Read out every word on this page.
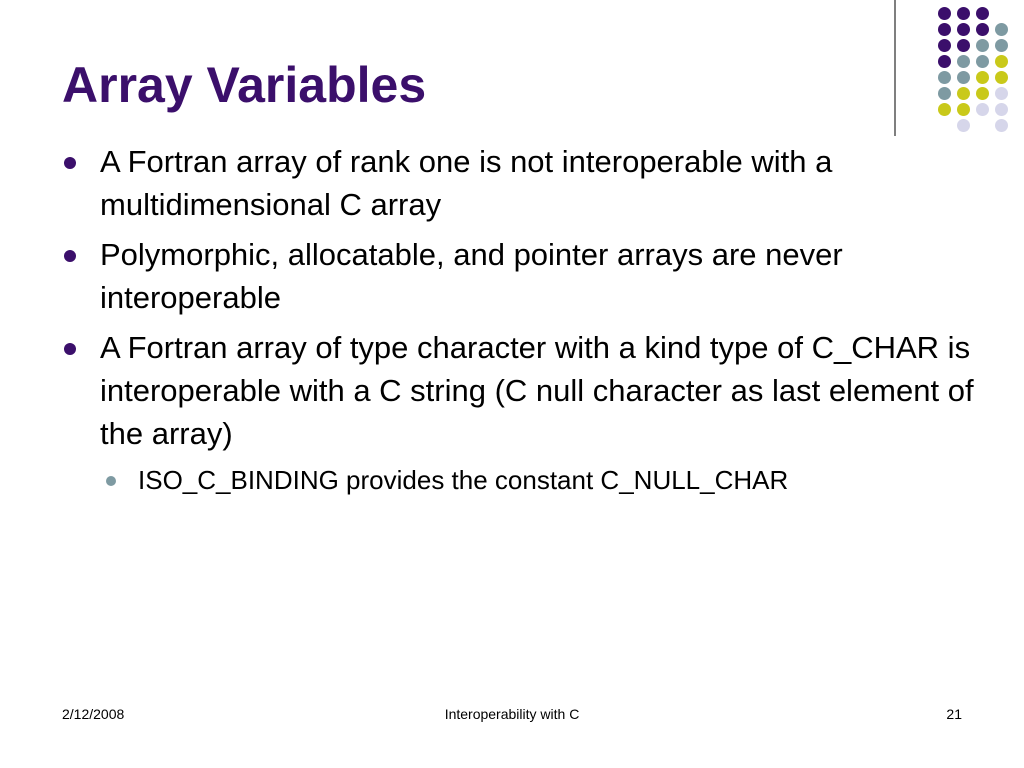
Array Variables
A Fortran array of rank one is not interoperable with a multidimensional C array
Polymorphic, allocatable, and pointer arrays are never interoperable
A Fortran array of type character with a kind type of C_CHAR is interoperable with a C string (C null character as last element of the array)
ISO_C_BINDING provides the constant C_NULL_CHAR
2/12/2008	Interoperability with C	21
